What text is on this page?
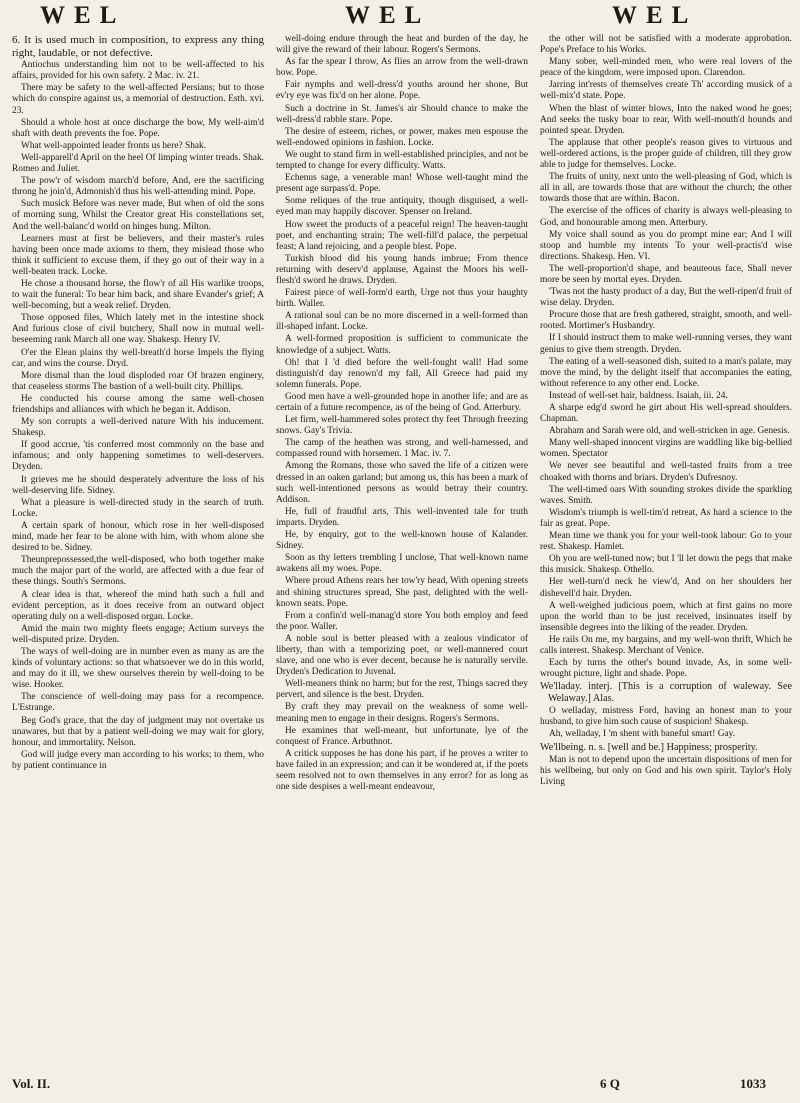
WEL	WEL	WEL

6. It is used much in composition, to express any thing right, laudable, or not defective.

Antiochus understanding him not to be well-affected to his affairs, provided for his own safety. 2 Mac. iv. 21.

There may be safety to the well-affected Persians; but to those which do conspire against us, a memorial of destruction. Esth. xvi. 23.

Should a whole host at once discharge the bow, My well-aim'd shaft with death prevents the foe. Pope.

What well-appointed leader fronts us here? Shak.

Well-apparell'd April on the heel Of limping winter treads. Shak. Romeo and Juliet.

The pow'r of wisdom march'd before, And, ere the sacrificing throng he join'd, Admonish'd thus his well-attending mind. Pope.

Such musick Before was never made, But when of old the sons of morning sung, Whilst the Creator great His constellations set, And the well-balanc'd world on hinges hung. Milton.

Learners must at first be believers, and their master's rules having been once made axioms to them, they mislead those who think it sufficient to excuse them, if they go out of their way in a well-beaten track. Locke.

He chose a thousand horse, the flow'r of all His warlike troops, to wait the funeral: To bear him back, and share Evander's grief; A well-becoming, but a weak relief. Dryden.

Those opposed files, Which lately met in the intestine shock And furious close of civil butchery, Shall now in mutual well-beseeming rank March all one way. Shakesp. Henry IV.

O'er the Elean plains thy well-breath'd horse Impels the flying car, and wins the course. Dryd.

More dismal than the loud disploded roar Of brazen enginery, that ceaseless storms The bastion of a well-built city. Phillips.

He conducted his course among the same well-chosen friendships and alliances with which he began it. Addison.

My son corrupts a well-derived nature With his inducement. Shakesp.

If good accrue, 'tis conferred most commonly on the base and infamous; and only happening sometimes to well-deservers. Dryden.

It grieves me he should desperately adventure the loss of his well-deserving life. Sidney.

What a pleasure is well-directed study in the search of truth. Locke.

A certain spark of honour, which rose in her well-disposed mind, made her fear to be alone with him, with whom alone she desired to be. Sidney.

Theunprepossessed,the well-disposed, who both together make much the major part of the world, are affected with a due fear of these things. South's Sermons.

A clear idea is that, whereof the mind hath such a full and evident perception, as it does receive from an outward object operating duly on a well-disposed organ. Locke.

Amid the main two mighty fleets engage; Actium surveys the well-disputed prize. Dryden.

The ways of well-doing are in number even as many as are the kinds of voluntary actions: so that whatsoever we do in this world, and may do it ill, we shew ourselves therein by well-doing to be wise. Hooker.

The conscience of well-doing may pass for a recompence. L'Estrange.

Beg God's grace, that the day of judgment may not overtake us unawares, but that by a patient well-doing we may wait for glory, honour, and immortality. Nelson.

God will judge every man according to his works; to them, who by patient continuance in

well-doing endure through the heat and burden of the day, he will give the reward of their labour. Rogers's Sermons.

As far the spear I throw, As flies an arrow from the well-drawn bow. Pope.

Fair nymphs and well-dress'd youths around her shone, But ev'ry eye was fix'd on her alone. Pope.

Such a doctrine in St. James's air Should chance to make the well-dress'd rabble stare. Pope.

The desire of esteem, riches, or power, makes men espouse the well-endowed opinions in fashion. Locke.

We ought to stand firm in well-established principles, and not be tempted to change for every difficulty. Watts.

Echenus sage, a venerable man! Whose well-taught mind the present age surpass'd. Pope.

Some reliques of the true antiquity, though disguised, a well-eyed man may happily discover. Spenser on Ireland.

How sweet the products of a peaceful reign! The heaven-taught poet, and enchanting strain; The well-fill'd palace, the perpetual feast; A land rejoicing, and a people blest. Pope.

Turkish blood did his young hands imbrue; From thence returning with deserv'd applause, Against the Moors his well-flesh'd sword he draws. Dryden.

Fairest piece of well-form'd earth, Urge not thus your haughty birth. Waller.

A rational soul can be no more discerned in a well-formed than ill-shaped infant. Locke.

A well-formed proposition is sufficient to communicate the knowledge of a subject. Watts.

Oh! that I 'd died before the well-fought wall! Had some distinguish'd day renown'd my fall, All Greece had paid my solemn funerals. Pope.

Good men have a well-grounded hope in another life; and are as certain of a future recompence, as of the being of God. Atterbury.

Let firm, well-hammered soles protect thy feet Through freezing snows. Gay's Trivia.

The camp of the heathen was strong, and well-harnessed, and compassed round with horsemen. 1 Mac. iv. 7.

Among the Romans, those who saved the life of a citizen were dressed in an oaken garland; but among us, this has been a mark of such well-intentioned persons as would betray their country. Addison.

He, full of fraudful arts, This well-invented tale for truth imparts. Dryden.

He, by enquiry, got to the well-known house of Kalander. Sidney.

Soon as thy letters trembling I unclose, That well-known name awakens all my woes. Pope.

Where proud Athens rears her tow'ry head, With opening streets and shining structures spread, She past, delighted with the well-known seats. Pope.

From a confin'd well-manag'd store You both employ and feed the poor. Waller.

A noble soul is better pleased with a zealous vindicator of liberty, than with a temporizing poet, or well-mannered court slave, and one who is ever decent, because he is naturally servile. Dryden's Dedication to Juvenal.

Well-meaners think no harm; but for the rest, Things sacred they pervert, and silence is the best. Dryden.

By craft they may prevail on the weakness of some well-meaning men to engage in their designs. Rogers's Sermons.

He examines that well-meant, but unfortunate, lye of the conquest of France. Arbuthnot.

A critick supposes he has done his part, if he proves a writer to have failed in an expression; and can it be wondered at, if the poets seem resolved not to own themselves in any error? for as long as one side despises a well-meant endeavour,

the other will not be satisfied with a moderate approbation. Pope's Preface to his Works.

Many sober, well-minded men, who were real lovers of the peace of the kingdom, were imposed upon. Clarendon.

Jarring int'rests of themselves create Th' according musick of a well-mix'd state. Pope.

When the blast of winter blows, Into the naked wood he goes; And seeks the tusky boar to rear, With well-mouth'd hounds and pointed spear. Dryden.

The applause that other people's reason gives to virtuous and well-ordered actions, is the proper guide of children, till they grow able to judge for themselves. Locke.

The fruits of unity, next unto the well-pleasing of God, which is all in all, are towards those that are without the church; the other towards those that are within. Bacon.

The exercise of the offices of charity is always well-pleasing to God, and honourable among men. Atterbury.

My voice shall sound as you do prompt mine ear; And I will stoop and humble my intents To your well-practis'd wise directions. Shakesp. Hen. VI.

The well-proportion'd shape, and beauteous face, Shall never more be seen by mortal eyes. Dryden.

'Twas not the hasty product of a day, But the well-ripen'd fruit of wise delay. Dryden.

Procure those that are fresh gathered, straight, smooth, and well-rooted. Mortimer's Husbandry.

If I should instruct them to make well-running verses, they want genius to give them strength. Dryden.

The eating of a well-seasoned dish, suited to a man's palate, may move the mind, by the delight itself that accompanies the eating, without reference to any other end. Locke.

Instead of well-set hair, baldness. Isaiah, iii. 24.

A sharpe edg'd sword he girt about His well-spread shoulders. Chapman.

Abraham and Sarah were old, and well-stricken in age. Genesis.

Many well-shaped innocent virgins are waddling like big-bellied women. Spectator

We never see beautiful and well-tasted fruits from a tree choaked with thorns and briars. Dryden's Dufresnoy.

The well-timed oars With sounding strokes divide the sparkling waves. Smith.

Wisdom's triumph is well-tim'd retreat, As hard a science to the fair as great. Pope.

Mean time we thank you for your well-took labour: Go to your rest. Shakesp. Hamlet.

Oh you are well-tuned now; but I 'll let down the pegs that make this musick. Shakesp. Othello.

Her well-turn'd neck he view'd, And on her shoulders her dishevell'd hair. Dryden.

A well-weighed judicious poem, which at first gains no more upon the world than to be just received, insinuates itself by insensible degrees into the liking of the reader. Dryden.

He rails On me, my bargains, and my well-won thrift, Which he calls interest. Shakesp. Merchant of Venice.

Each by turns the other's bound invade, As, in some well-wrought picture, light and shade. Pope.

We'lladay. interj. [This is a corruption of waleway. See Welaway.] Alas.

O welladay, mistress Ford, having an honest man to your husband, to give him such cause of suspicion! Shakesp.

Ah, welladay, I 'm shent with baneful smart! Gay.

We'llbeing. n. s. [well and be.] Happiness; prosperity.

Man is not to depend upon the uncertain dispositions of men for his wellbeing, but only on God and his own spirit. Taylor's Holy Living

Vol. II.	6 Q	1033
